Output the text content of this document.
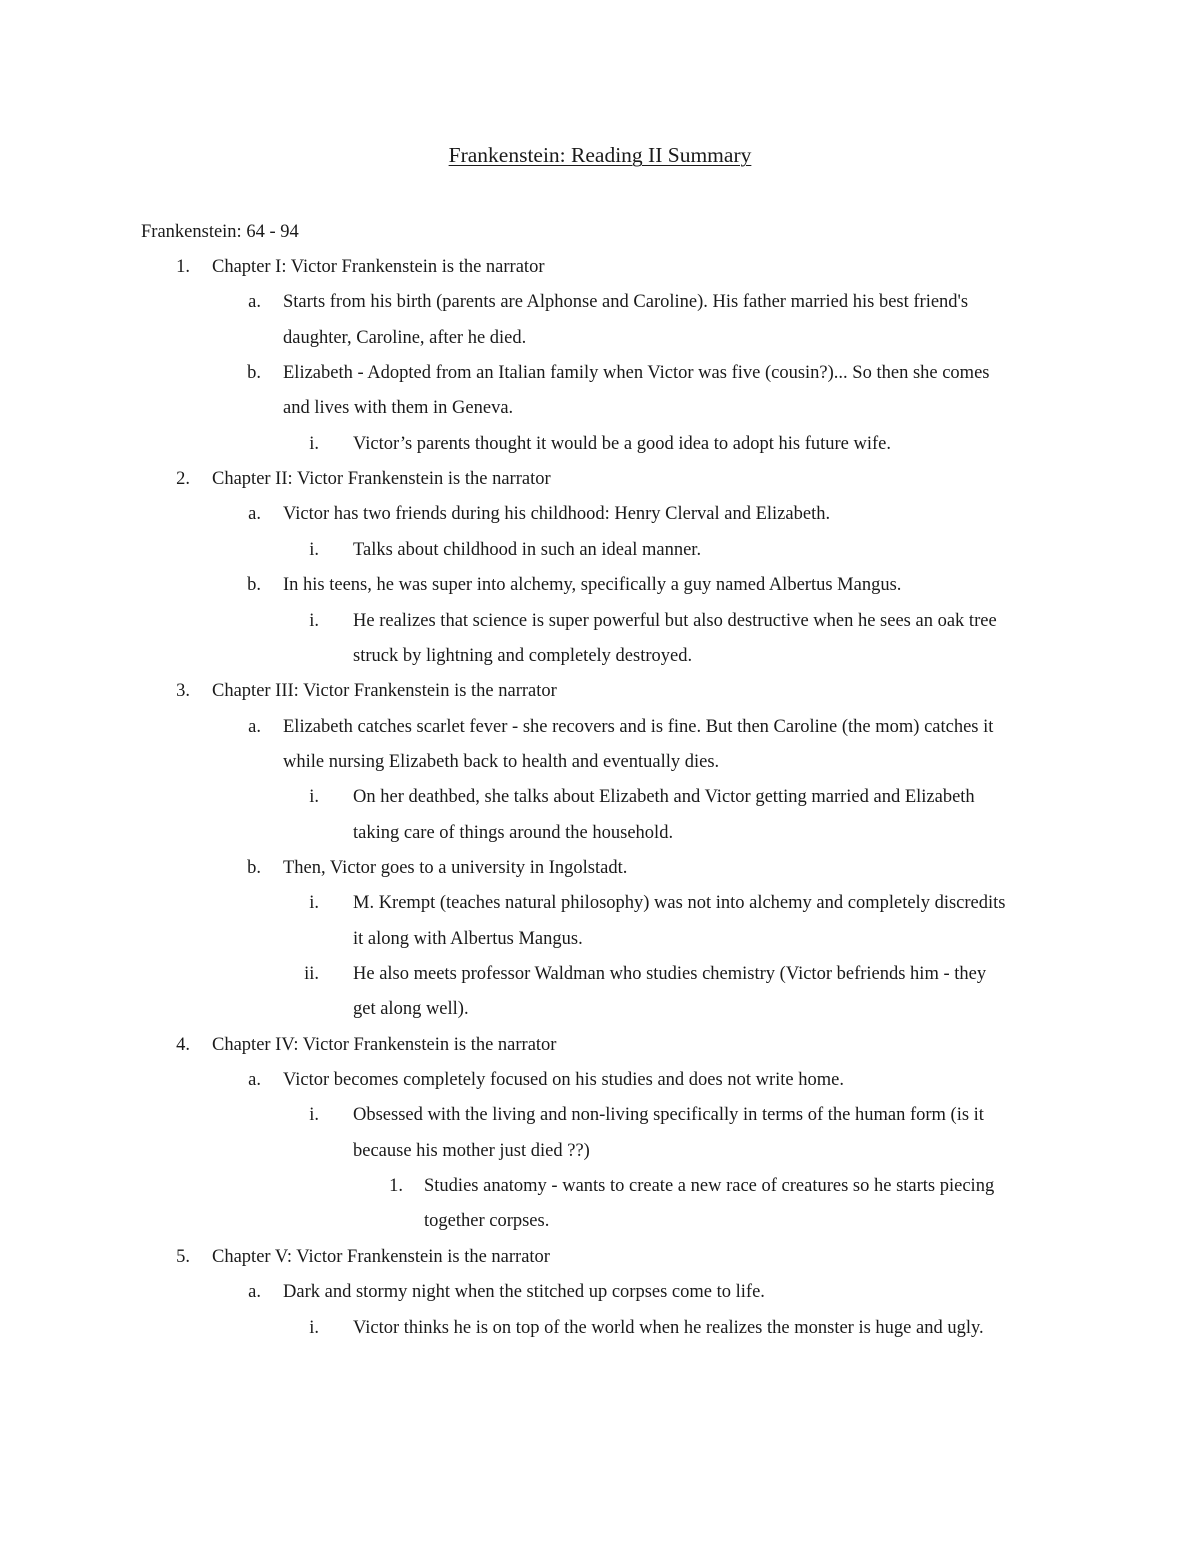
Frankenstein: Reading II Summary
Frankenstein: 64 - 94
1. Chapter I: Victor Frankenstein is the narrator
a. Starts from his birth (parents are Alphonse and Caroline). His father married his best friend's
daughter, Caroline, after he died.
b. Elizabeth - Adopted from an Italian family when Victor was five (cousin?)... So then she comes
and lives with them in Geneva.
i. Victor’s parents thought it would be a good idea to adopt his future wife.
2. Chapter II: Victor Frankenstein is the narrator
a. Victor has two friends during his childhood: Henry Clerval and Elizabeth.
i. Talks about childhood in such an ideal manner.
b. In his teens, he was super into alchemy, specifically a guy named Albertus Mangus.
i. He realizes that science is super powerful but also destructive when he sees an oak tree
struck by lightning and completely destroyed.
3. Chapter III: Victor Frankenstein is the narrator
a. Elizabeth catches scarlet fever - she recovers and is fine. But then Caroline (the mom) catches it
while nursing Elizabeth back to health and eventually dies.
i. On her deathbed, she talks about Elizabeth and Victor getting married and Elizabeth
taking care of things around the household.
b. Then, Victor goes to a university in Ingolstadt.
i. M. Krempt (teaches natural philosophy) was not into alchemy and completely discredits
it along with Albertus Mangus.
ii. He also meets professor Waldman who studies chemistry (Victor befriends him - they
get along well).
4. Chapter IV: Victor Frankenstein is the narrator
a. Victor becomes completely focused on his studies and does not write home.
i. Obsessed with the living and non-living specifically in terms of the human form (is it
because his mother just died ??)
1. Studies anatomy - wants to create a new race of creatures so he starts piecing
together corpses.
5. Chapter V: Victor Frankenstein is the narrator
a. Dark and stormy night when the stitched up corpses come to life.
i. Victor thinks he is on top of the world when he realizes the monster is huge and ugly.
